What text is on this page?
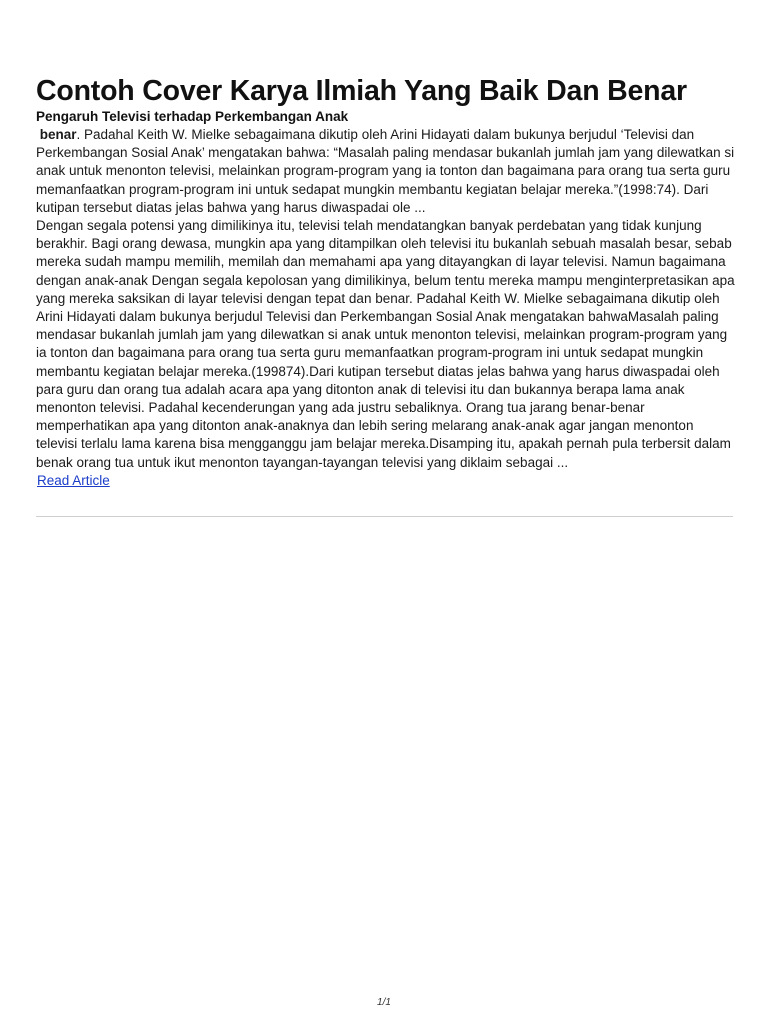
Contoh Cover Karya Ilmiah Yang Baik Dan Benar

Pengaruh Televisi terhadap Perkembangan Anak

benar. Padahal Keith W. Mielke sebagaimana dikutip oleh Arini Hidayati dalam bukunya berjudul ‘Televisi dan Perkembangan Sosial Anak’ mengatakan bahwa: “Masalah paling mendasar bukanlah jumlah jam yang dilewatkan si anak untuk menonton televisi, melainkan program-program yang ia tonton dan bagaimana para orang tua serta guru memanfaatkan program-program ini untuk sedapat mungkin membantu kegiatan belajar mereka.”(1998:74). Dari kutipan tersebut diatas jelas bahwa yang harus diwaspadai ole ...

Dengan segala potensi yang dimilikinya itu, televisi telah mendatangkan banyak perdebatan yang tidak kunjung berakhir. Bagi orang dewasa, mungkin apa yang ditampilkan oleh televisi itu bukanlah sebuah masalah besar, sebab mereka sudah mampu memilih, memilah dan memahami apa yang ditayangkan di layar televisi. Namun bagaimana dengan anak-anak Dengan segala kepolosan yang dimilikinya, belum tentu mereka mampu menginterpretasikan apa yang mereka saksikan di layar televisi dengan tepat dan benar. Padahal Keith W. Mielke sebagaimana dikutip oleh Arini Hidayati dalam bukunya berjudul Televisi dan Perkembangan Sosial Anak mengatakan bahwaMasalah paling mendasar bukanlah jumlah jam yang dilewatkan si anak untuk menonton televisi, melainkan program-program yang ia tonton dan bagaimana para orang tua serta guru memanfaatkan program-program ini untuk sedapat mungkin membantu kegiatan belajar mereka.(199874).Dari kutipan tersebut diatas jelas bahwa yang harus diwaspadai oleh para guru dan orang tua adalah acara apa yang ditonton anak di televisi itu dan bukannya berapa lama anak menonton televisi. Padahal kecenderungan yang ada justru sebaliknya. Orang tua jarang benar-benar memperhatikan apa yang ditonton anak-anaknya dan lebih sering melarang anak-anak agar jangan menonton televisi terlalu lama karena bisa mengganggu jam belajar mereka.Disamping itu, apakah pernah pula terbersit dalam benak orang tua untuk ikut menonton tayangan-tayangan televisi yang diklaim sebagai ...

Read Article
1/1
